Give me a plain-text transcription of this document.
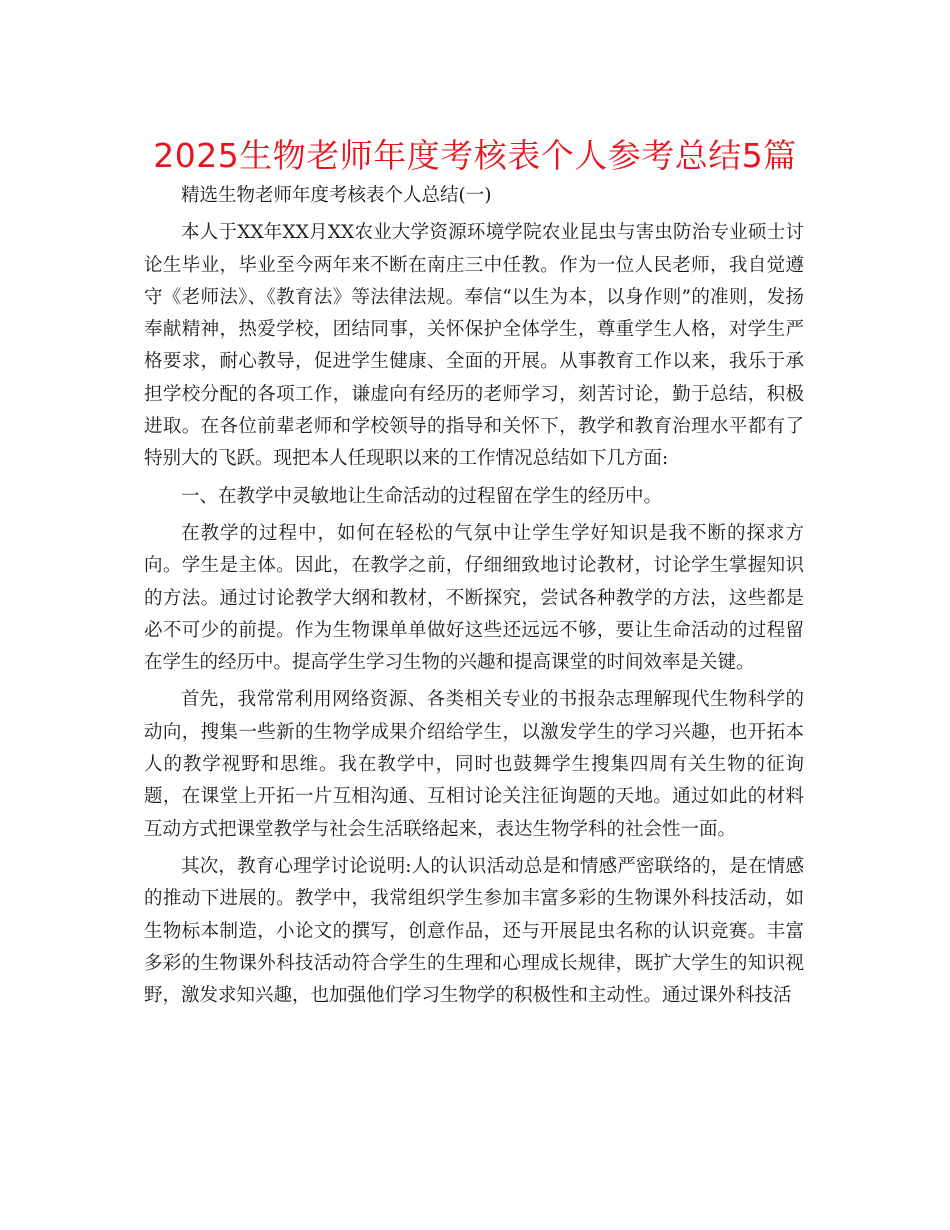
2025生物老师年度考核表个人参考总结5篇

精选生物老师年度考核表个人总结(一)

本人于XX年XX月XX农业大学资源环境学院农业昆虫与害虫防治专业硕士讨论生毕业，毕业至今两年来不断在南庄三中任教。作为一位人民老师，我自觉遵守《老师法》、《教育法》等法律法规。奉信“以生为本，以身作则”的准则，发扬奉献精神，热爱学校，团结同事，关怀保护全体学生，尊重学生人格，对学生严格要求，耐心教导，促进学生健康、全面的开展。从事教育工作以来，我乐于承担学校分配的各项工作，谦虚向有经历的老师学习，刻苦讨论，勤于总结，积极进取。在各位前辈老师和学校领导的指导和关怀下，教学和教育治理水平都有了特别大的飞跃。现把本人任现职以来的工作情况总结如下几方面:

一、在教学中灵敏地让生命活动的过程留在学生的经历中。

在教学的过程中，如何在轻松的气氛中让学生学好知识是我不断的探求方向。学生是主体。因此，在教学之前，仔细细致地讨论教材，讨论学生掌握知识的方法。通过讨论教学大纲和教材，不断探究，尝试各种教学的方法，这些都是必不可少的前提。作为生物课单单做好这些还远远不够，要让生命活动的过程留在学生的经历中。提高学生学习生物的兴趣和提高课堂的时间效率是关键。

首先，我常常利用网络资源、各类相关专业的书报杂志理解现代生物科学的动向，搜集一些新的生物学成果介绍给学生，以激发学生的学习兴趣，也开拓本人的教学视野和思维。我在教学中，同时也鼓舞学生搜集四周有关生物的征询题，在课堂上开拓一片互相沟通、互相讨论关注征询题的天地。通过如此的材料互动方式把课堂教学与社会生活联络起来，表达生物学科的社会性一面。

其次，教育心理学讨论说明:人的认识活动总是和情感严密联络的，是在情感的推动下进展的。教学中，我常组织学生参加丰富多彩的生物课外科技活动，如生物标本制造，小论文的撰写，创意作品，还与开展昆虫名称的认识竞赛。丰富多彩的生物课外科技活动符合学生的生理和心理成长规律，既扩大学生的知识视野，激发求知兴趣，也加强他们学习生物学的积极性和主动性。通过课外科技活
